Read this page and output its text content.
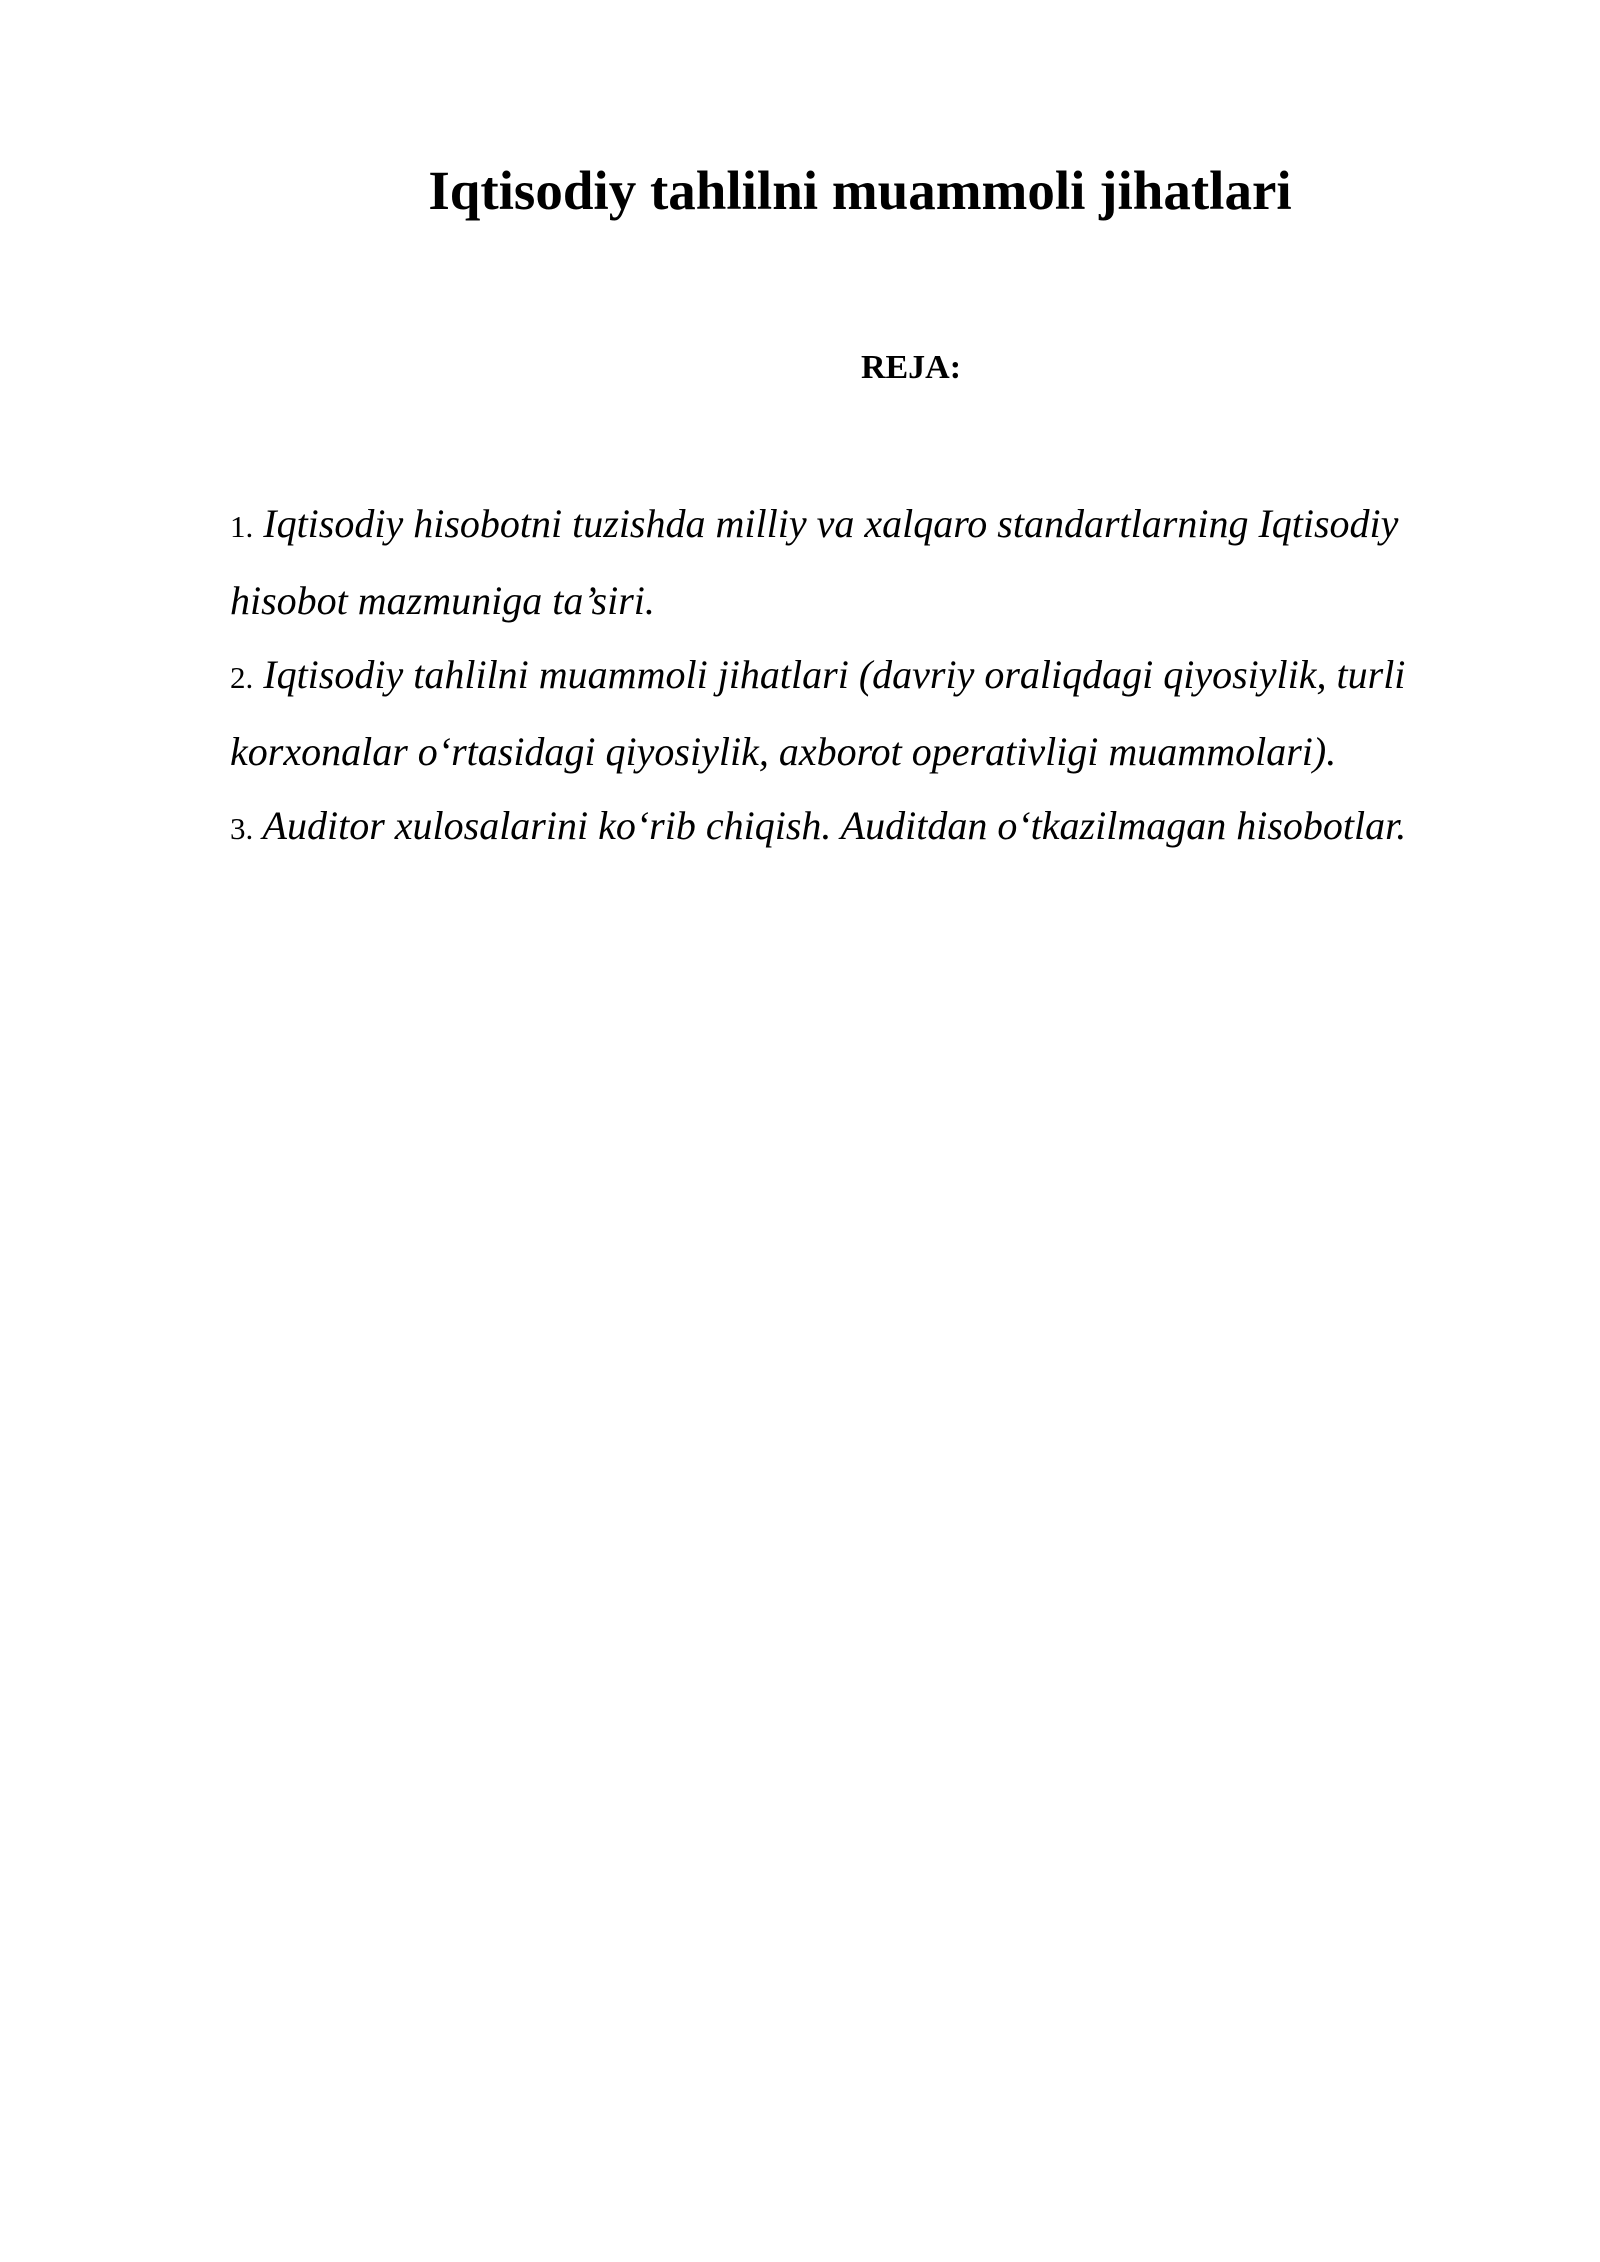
Iqtisodiy tahlilni muammoli jihatlari
REJA:
1. Iqtisodiy hisobotni tuzishda milliy va xalqaro standartlarning Iqtisodiy hisobot mazmuniga ta’siri.
2. Iqtisodiy tahlilni muammoli jihatlari (davriy oraliqdagi qiyosiylik, turli korxonalar o‘rtasidagi qiyosiylik, axborot operativligi muammolari).
3. Auditor xulosalarini ko‘rib chiqish. Auditdan o‘tkazilmagan hisobotlar.
